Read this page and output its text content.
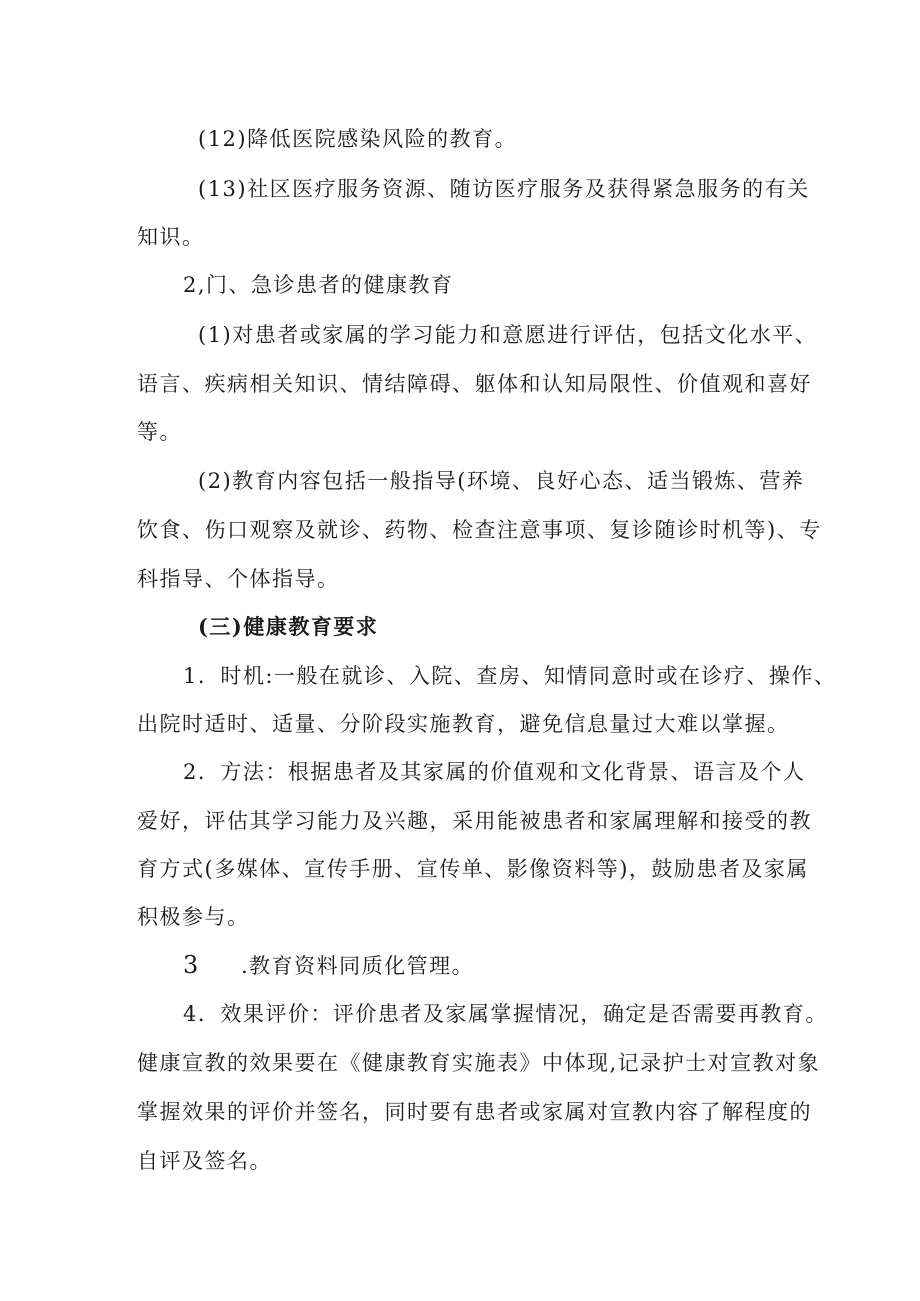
(12)降低医院感染风险的教育。
(13)社区医疗服务资源、随访医疗服务及获得紧急服务的有关
知识。
2,门、急诊患者的健康教育
(1)对患者或家属的学习能力和意愿进行评估，包括文化水平、
语言、疾病相关知识、情结障碍、躯体和认知局限性、价值观和喜好
等。
(2)教育内容包括一般指导(环境、良好心态、适当锻炼、营养
饮食、伤口观察及就诊、药物、检查注意事项、复诊随诊时机等)、专
科指导、个体指导。
(三)健康教育要求
1．时机:一般在就诊、入院、查房、知情同意时或在诊疗、操作、
出院时适时、适量、分阶段实施教育，避免信息量过大难以掌握。
2．方法：根据患者及其家属的价值观和文化背景、语言及个人
爱好，评估其学习能力及兴趣，采用能被患者和家属理解和接受的教
育方式(多媒体、宣传手册、宣传单、影像资料等)，鼓励患者及家属
积极参与。
3 .教育资料同质化管理。
4．效果评价：评价患者及家属掌握情况，确定是否需要再教育。
健康宣教的效果要在《健康教育实施表》中体现,记录护士对宣教对象
掌握效果的评价并签名，同时要有患者或家属对宣教内容了解程度的
自评及签名。
